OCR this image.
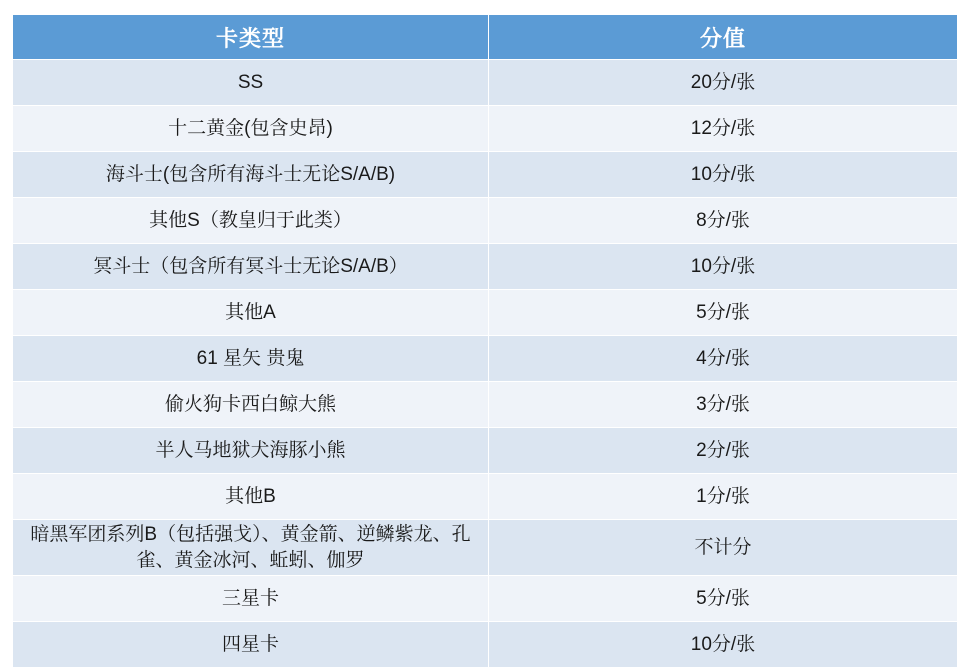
卡类型	分值
SS	20分/张
十二黄金(包含史昂)	12分/张
海斗士(包含所有海斗士无论S/A/B)	10分/张
其他S（教皇归于此类）	8分/张
冥斗士（包含所有冥斗士无论S/A/B）	10分/张
其他A	5分/张
61 星矢 贵鬼	4分/张
偷火狗卡西白鲸大熊	3分/张
半人马地狱犬海豚小熊	2分/张
其他B	1分/张
暗黑军团系列B（包括强戈）、黄金箭、逆鳞紫龙、孔雀、黄金冰河、蚯蚓、伽罗	不计分
三星卡	5分/张
四星卡	10分/张
